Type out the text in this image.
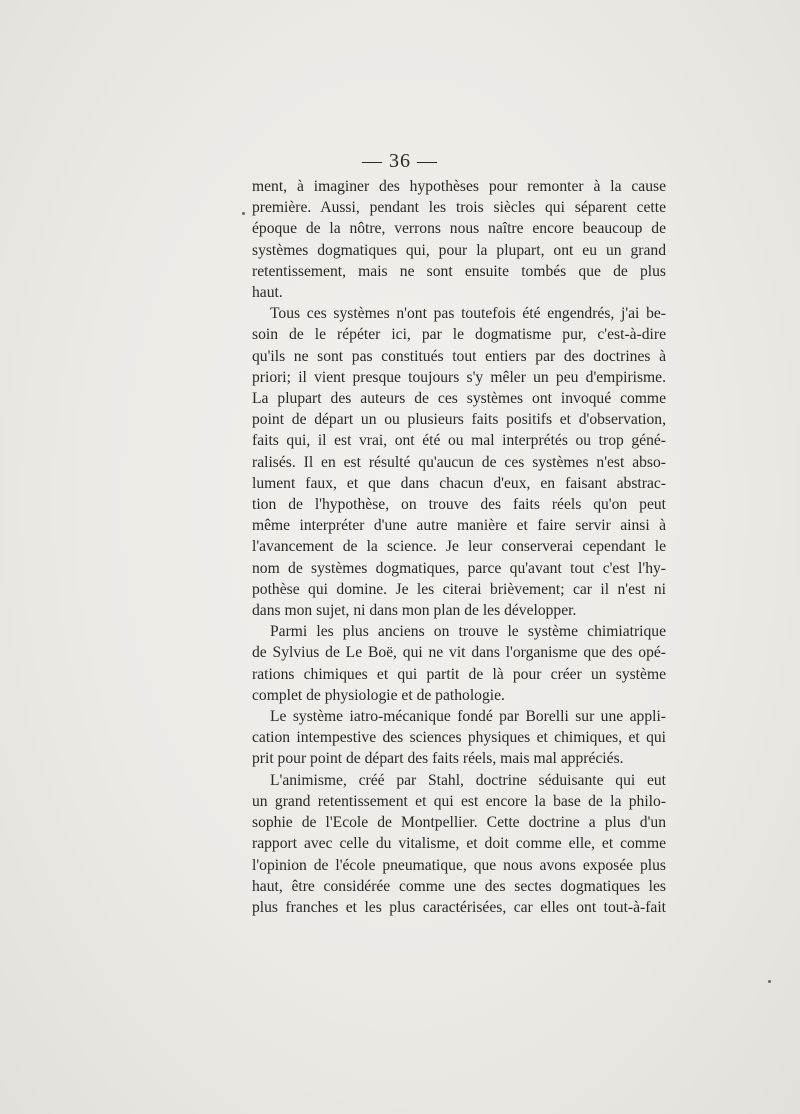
— 36 —

ment, à imaginer des hypothèses pour remonter à la cause

première. Aussi, pendant les trois siècles qui séparent cette

époque de la nôtre, verrons nous naître encore beaucoup de

systèmes dogmatiques qui, pour la plupart, ont eu un grand

retentissement, mais ne sont ensuite tombés que de plus

haut.

Tous ces systèmes n'ont pas toutefois été engendrés, j'ai be-

soin de le répéter ici, par le dogmatisme pur, c'est-à-dire

qu'ils ne sont pas constitués tout entiers par des doctrines à

priori; il vient presque toujours s'y mêler un peu d'empirisme.

La plupart des auteurs de ces systèmes ont invoqué comme

point de départ un ou plusieurs faits positifs et d'observation,

faits qui, il est vrai, ont été ou mal interprétés ou trop géné-

ralisés. Il en est résulté qu'aucun de ces systèmes n'est abso-

lument faux, et que dans chacun d'eux, en faisant abstrac-

tion de l'hypothèse, on trouve des faits réels qu'on peut

même interpréter d'une autre manière et faire servir ainsi à

l'avancement de la science. Je leur conserverai cependant le

nom de systèmes dogmatiques, parce qu'avant tout c'est l'hy-

pothèse qui domine. Je les citerai brièvement; car il n'est ni

dans mon sujet, ni dans mon plan de les développer.

Parmi les plus anciens on trouve le système chimiatrique

de Sylvius de Le Boë, qui ne vit dans l'organisme que des opé-

rations chimiques et qui partit de là pour créer un système

complet de physiologie et de pathologie.

Le système iatro-mécanique fondé par Borelli sur une appli-

cation intempestive des sciences physiques et chimiques, et qui

prit pour point de départ des faits réels, mais mal appréciés.

L'animisme, créé par Stahl, doctrine séduisante qui eut

un grand retentissement et qui est encore la base de la philo-

sophie de l'Ecole de Montpellier. Cette doctrine a plus d'un

rapport avec celle du vitalisme, et doit comme elle, et comme

l'opinion de l'école pneumatique, que nous avons exposée plus

haut, être considérée comme une des sectes dogmatiques les

plus franches et les plus caractérisées, car elles ont tout-à-fait
